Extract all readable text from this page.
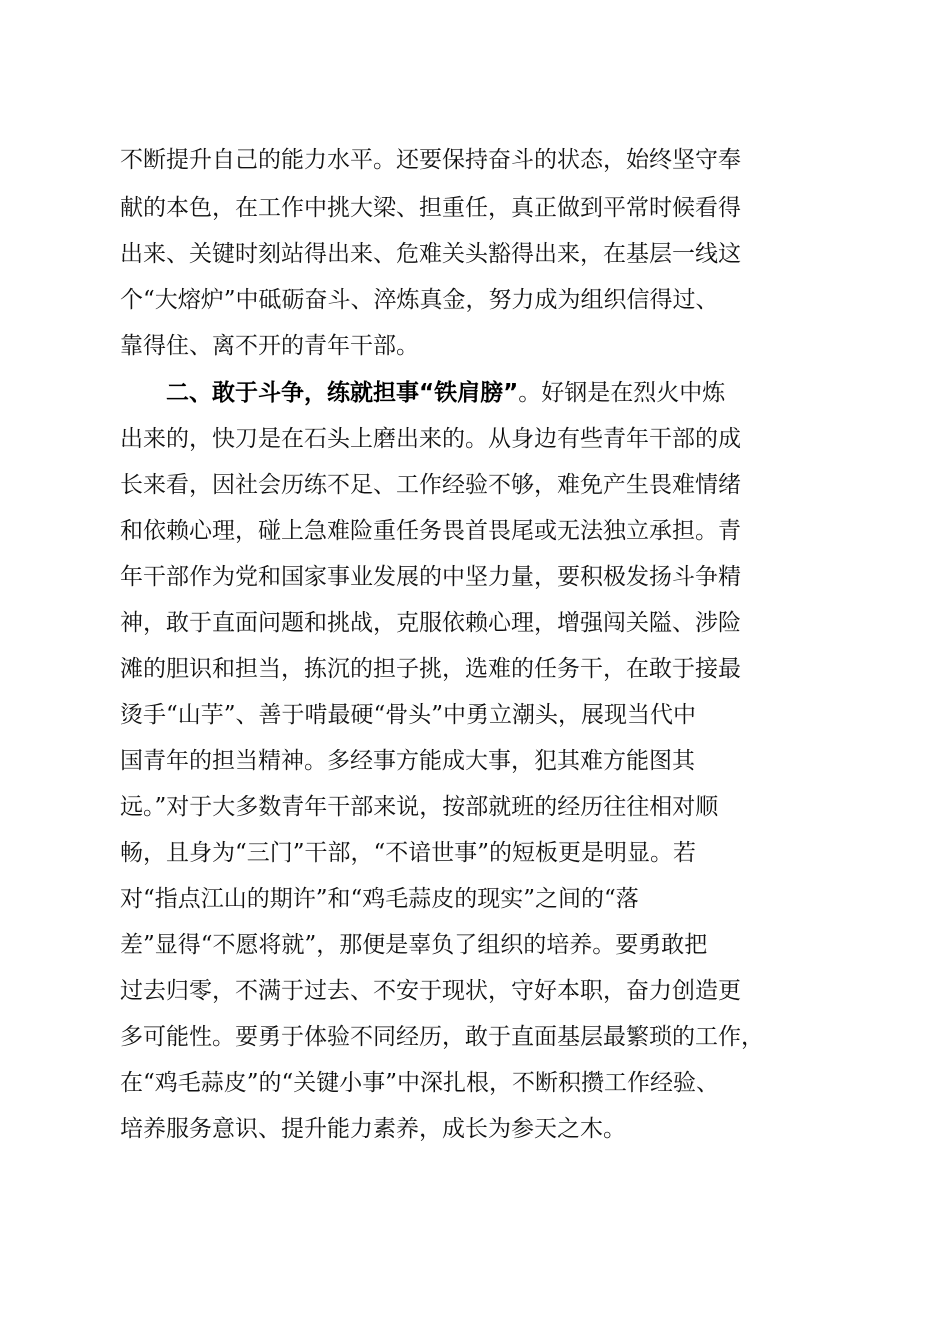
不断提升自己的能力水平。还要保持奋斗的状态，始终坚守奉
献的本色，在工作中挑大梁、担重任，真正做到平常时候看得
出来、关键时刻站得出来、危难关头豁得出来，在基层一线这
个“大熔炉”中砥砺奋斗、淬炼真金，努力成为组织信得过、
靠得住、离不开的青年干部。
二、敢于斗争，练就担事“铁肩膀”。好钢是在烈火中炼
出来的，快刀是在石头上磨出来的。从身边有些青年干部的成
长来看，因社会历练不足、工作经验不够，难免产生畏难情绪
和依赖心理，碰上急难险重任务畏首畏尾或无法独立承担。青
年干部作为党和国家事业发展的中坚力量，要积极发扬斗争精
神，敢于直面问题和挑战，克服依赖心理，增强闯关隘、涉险
滩的胆识和担当，拣沉的担子挑，选难的任务干，在敢于接最
烫手“山芋”、善于啃最硬“骨头”中勇立潮头，展现当代中
国青年的担当精神。多经事方能成大事，犯其难方能图其
远。”对于大多数青年干部来说，按部就班的经历往往相对顺
畅，且身为“三门”干部，“不谙世事”的短板更是明显。若
对“指点江山的期许”和“鸡毛蒜皮的现实”之间的“落
差”显得“不愿将就”，那便是辜负了组织的培养。要勇敢把
过去归零，不满于过去、不安于现状，守好本职，奋力创造更
多可能性。要勇于体验不同经历，敢于直面基层最繁琐的工作，
在“鸡毛蒜皮”的“关键小事”中深扎根，不断积攒工作经验、
培养服务意识、提升能力素养，成长为参天之木。
